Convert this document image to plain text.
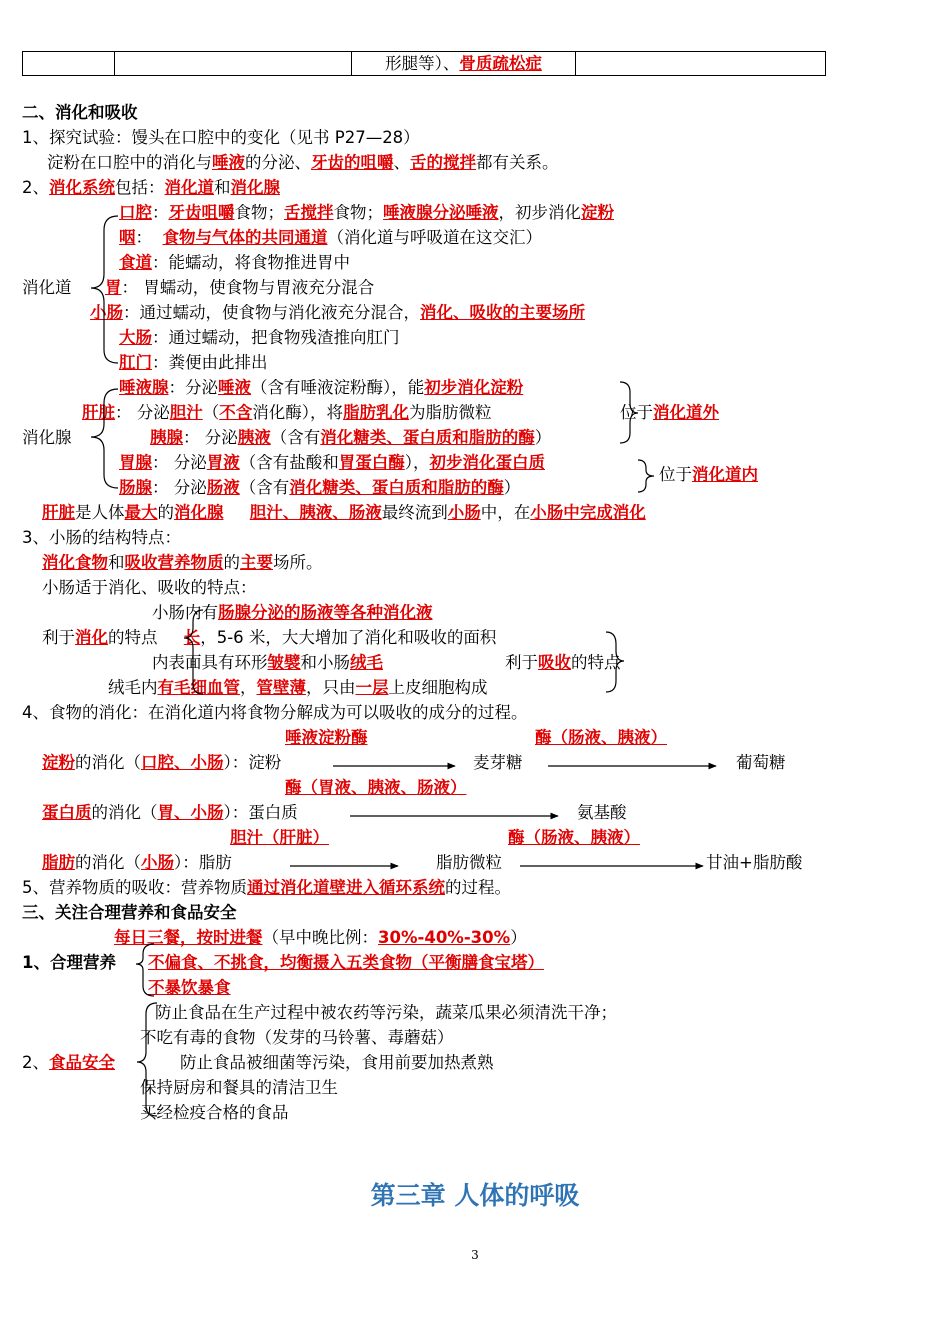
形腿等）、骨质疏松症
二、消化和吸收
1、探究试验：馒头在口腔中的变化（见书 P27—28）
淀粉在口腔中的消化与唾液的分泌、牙齿的咀嚼、舌的搅拌都有关系。
2、消化系统包括：消化道和消化腺
口腔：牙齿咀嚼食物；舌搅拌食物；唾液腺分泌唾液，初步消化淀粉
咽： 食物与气体的共同通道（消化道与呼吸道在这交汇）
食道：能蠕动，将食物推进胃中
消化道 胃： 胃蠕动，使食物与胃液充分混合
小肠：通过蠕动，使食物与消化液充分混合，消化、吸收的主要场所
大肠：通过蠕动，把食物残渣推向肛门
肛门：粪便由此排出
唾液腺：分泌唾液（含有唾液淀粉酶），能初步消化淀粉
肝脏： 分泌胆汁（不含消化酶），将脂肪乳化为脂肪微粒	位于消化道外
消化腺	胰腺： 分泌胰液（含有消化糖类、蛋白质和脂肪的酶）
胃腺： 分泌胃液（含有盐酸和胃蛋白酶），初步消化蛋白质
位于消化道内
肠腺： 分泌肠液（含有消化糖类、蛋白质和脂肪的酶）
肝脏是人体最大的消化腺 胆汁、胰液、肠液最终流到小肠中，在小肠中完成消化
3、小肠的结构特点：
消化食物和吸收营养物质的主要场所。
小肠适于消化、吸收的特点：
小肠内有肠腺分泌的肠液等各种消化液
利于消化的特点 长，5-6 米，大大增加了消化和吸收的面积
内表面具有环形皱襞和小肠绒毛	利于吸收的特点
绒毛内有毛细血管，管壁薄，只由一层上皮细胞构成
4、食物的消化：在消化道内将食物分解成为可以吸收的成分的过程。
唾液淀粉酶	酶（肠液、胰液）
淀粉的消化（口腔、小肠）：淀粉	麦芽糖	葡萄糖
酶（胃液、胰液、肠液）
蛋白质的消化（胃、小肠）：蛋白质	氨基酸
胆汁（肝脏）	酶（肠液、胰液）
脂肪的消化（小肠）：脂肪	脂肪微粒	甘油+脂肪酸
5、营养物质的吸收：营养物质通过消化道壁进入循环系统的过程。
三、关注合理营养和食品安全
每日三餐，按时进餐（早中晚比例：30%-40%-30%）
1、合理营养 不偏食、不挑食，均衡摄入五类食物（平衡膳食宝塔）
不暴饮暴食
防止食品在生产过程中被农药等污染，蔬菜瓜果必须清洗干净；
不吃有毒的食物（发芽的马铃薯、毒蘑菇）
2、食品安全	防止食品被细菌等污染，食用前要加热煮熟
保持厨房和餐具的清洁卫生
买经检疫合格的食品
第三章 人体的呼吸
3
